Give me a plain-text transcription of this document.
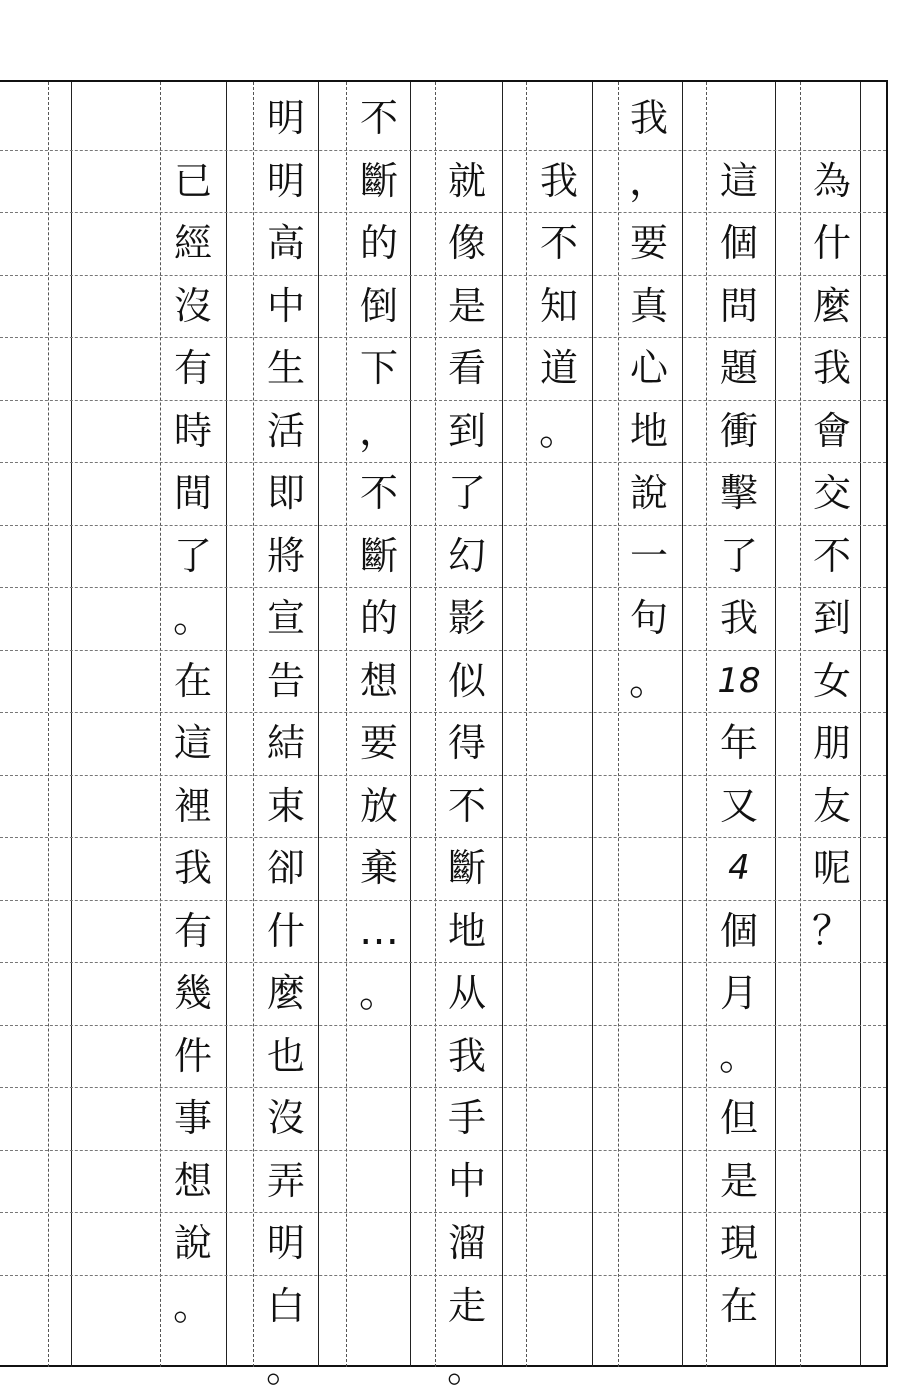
為
什
麼
我
會
交
不
到
女
朋
友
呢
？
這
個
問
題
衝
擊
了
我
18
年
又
4
個
月
。
但
是
現
在
我
，
要
真
心
地
說
一
句
。
我
不
知
道
。
就
像
是
看
到
了
幻
影
似
得
不
斷
地
从
我
手
中
溜
走
。
不
斷
的
倒
下
，
不
斷
的
想
要
放
棄
…
。
明
明
高
中
生
活
即
將
宣
告
結
束
卻
什
麼
也
沒
弄
明
白
。
已
經
沒
有
時
間
了
。
在
這
裡
我
有
幾
件
事
想
說
。
